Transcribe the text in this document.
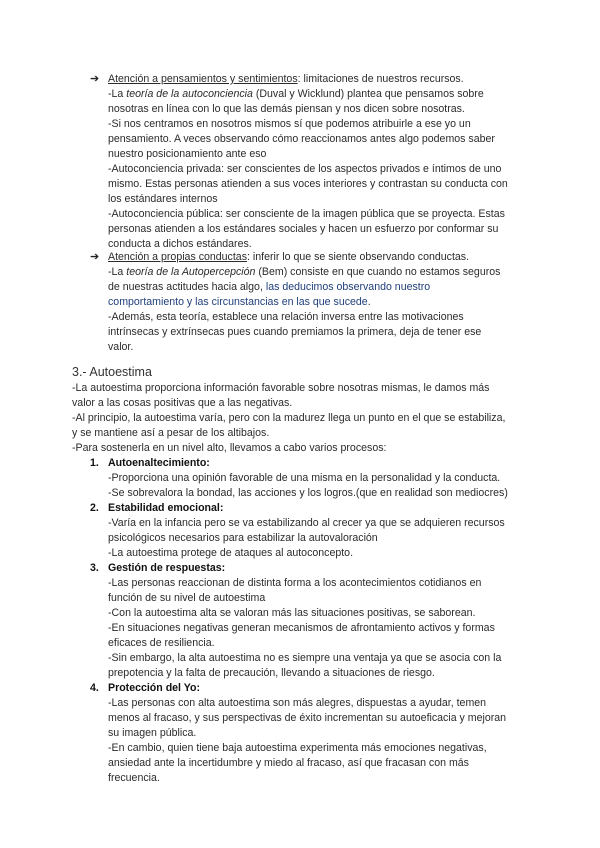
➔ Atención a pensamientos y sentimientos: limitaciones de nuestros recursos.
-La teoría de la autoconciencia (Duval y Wicklund) plantea que pensamos sobre
nosotras en línea con lo que las demás piensan y nos dicen sobre nosotras.
-Si nos centramos en nosotros mismos sí que podemos atribuirle a ese yo un
pensamiento. A veces observando cómo reaccionamos antes algo podemos saber
nuestro posicionamiento ante eso
-Autoconciencia privada: ser conscientes de los aspectos privados e íntimos de uno
mismo. Estas personas atienden a sus voces interiores y contrastan su conducta con
los estándares internos
-Autoconciencia pública: ser consciente de la imagen pública que se proyecta. Estas
personas atienden a los estándares sociales y hacen un esfuerzo por conformar su
conducta a dichos estándares.
➔ Atención a propias conductas: inferir lo que se siente observando conductas.
-La teoría de la Autopercepción (Bem) consiste en que cuando no estamos seguros
de nuestras actitudes hacia algo, las deducimos observando nuestro
comportamiento y las circunstancias en las que sucede.
-Además, esta teoría, establece una relación inversa entre las motivaciones
intrínsecas y extrínsecas pues cuando premiamos la primera, deja de tener ese
valor.
3.- Autoestima
-La autoestima proporciona información favorable sobre nosotras mismas, le damos más
valor a las cosas positivas que a las negativas.
-Al principio, la autoestima varía, pero con la madurez llega un punto en el que se estabiliza,
y se mantiene así a pesar de los altibajos.
-Para sostenerla en un nivel alto, llevamos a cabo varios procesos:
1. Autoenaltecimiento:
-Proporciona una opinión favorable de una misma en la personalidad y la conducta.
-Se sobrevalora la bondad, las acciones y los logros.(que en realidad son mediocres)
2. Estabilidad emocional:
-Varía en la infancia pero se va estabilizando al crecer ya que se adquieren recursos
psicológicos necesarios para estabilizar la autovaloración
-La autoestima protege de ataques al autoconcepto.
3. Gestión de respuestas:
-Las personas reaccionan de distinta forma a los acontecimientos cotidianos en
función de su nivel de autoestima
-Con la autoestima alta se valoran más las situaciones positivas, se saborean.
-En situaciones negativas generan mecanismos de afrontamiento activos y formas
eficaces de resiliencia.
-Sin embargo, la alta autoestima no es siempre una ventaja ya que se asocia con la
prepotencia y la falta de precaución, llevando a situaciones de riesgo.
4. Protección del Yo:
-Las personas con alta autoestima son más alegres, dispuestas a ayudar, temen
menos al fracaso, y sus perspectivas de éxito incrementan su autoeficacia y mejoran
su imagen pública.
-En cambio, quien tiene baja autoestima experimenta más emociones negativas,
ansiedad ante la incertidumbre y miedo al fracaso, así que fracasan con más
frecuencia.
